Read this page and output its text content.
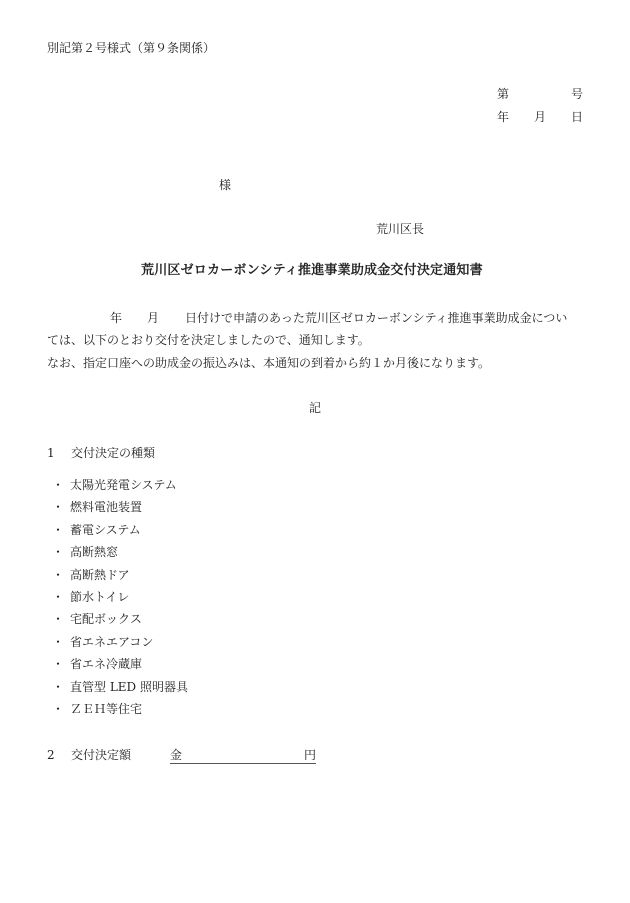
別記第２号様式（第９条関係）
第	号
年 月 日
様
荒川区長
荒川区ゼロカーボンシティ推進事業助成金交付決定通知書
年 月 日付けで申請のあった荒川区ゼロカーボンシティ推進事業助成金につい
ては、以下のとおり交付を決定しましたので、通知します。
なお、指定口座への助成金の振込みは、本通知の到着から約１か月後になります。
記
1 交付決定の種類
・ 太陽光発電システム
・ 燃料電池装置
・ 蓄電システム
・ 高断熱窓
・ 高断熱ドア
・ 節水トイレ
・ 宅配ボックス
・ 省エネエアコン
・ 省エネ冷蔵庫
・ 直管型 LED 照明器具
・ ＺＥＨ等住宅
2 交付決定額	金	円
